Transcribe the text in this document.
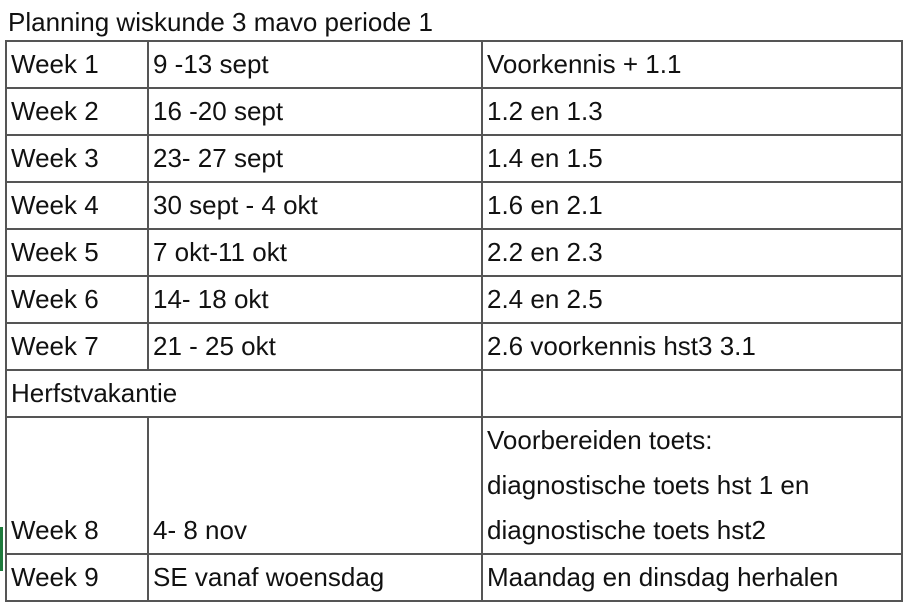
Planning wiskunde 3 mavo periode 1
Week 1	9 -13 sept	Voorkennis + 1.1
Week 2	16 -20 sept	1.2 en 1.3
Week 3	23- 27 sept	1.4 en 1.5
Week 4	30 sept - 4 okt	1.6 en 2.1
Week 5	7 okt-11 okt	2.2 en 2.3
Week 6	14- 18 okt	2.4 en 2.5
Week 7	21 - 25 okt	2.6 voorkennis hst3 3.1
Herfstvakantie		
Week 8	4- 8 nov	Voorbereiden toets:
diagnostische toets hst 1 en
diagnostische toets hst2

Week 9	SE vanaf woensdag	Maandag en dinsdag herhalen
